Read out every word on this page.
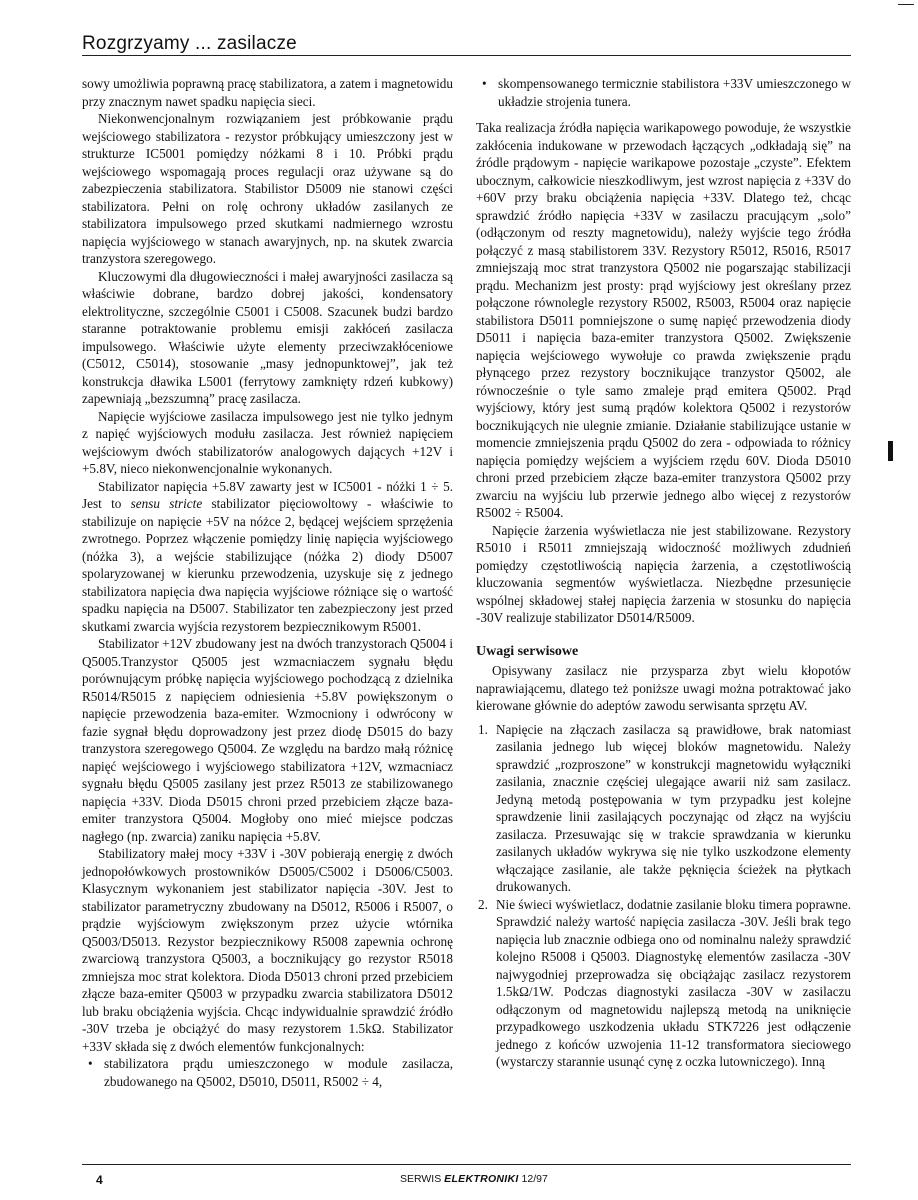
Rozgrzyamy ... zasilacze

sowy umożliwia poprawną pracę stabilizatora, a zatem i magnetowidu przy znacznym nawet spadku napięcia sieci.

Niekonwencjonalnym rozwiązaniem jest próbkowanie prądu wejściowego stabilizatora - rezystor próbkujący umieszczony jest w strukturze IC5001 pomiędzy nóżkami 8 i 10. Próbki prądu wejściowego wspomagają proces regulacji oraz używane są do zabezpieczenia stabilizatora. Stabilistor D5009 nie stanowi części stabilizatora. Pełni on rolę ochrony układów zasilanych ze stabilizatora impulsowego przed skutkami nadmiernego wzrostu napięcia wyjściowego w stanach awaryjnych, np. na skutek zwarcia tranzystora szeregowego.

Kluczowymi dla długowieczności i małej awaryjności zasilacza są właściwie dobrane, bardzo dobrej jakości, kondensatory elektrolityczne, szczególnie C5001 i C5008. Szacunek budzi bardzo staranne potraktowanie problemu emisji zakłóceń zasilacza impulsowego. Właściwie użyte elementy przeciwzakłóceniowe (C5012, C5014), stosowanie „masy jednopunktowej”, jak też konstrukcja dławika L5001 (ferrytowy zamknięty rdzeń kubkowy) zapewniają „bezszumną” pracę zasilacza.

Napięcie wyjściowe zasilacza impulsowego jest nie tylko jednym z napięć wyjściowych modułu zasilacza. Jest również napięciem wejściowym dwóch stabilizatorów analogowych dających +12V i +5.8V, nieco niekonwencjonalnie wykonanych.

Stabilizator napięcia +5.8V zawarty jest w IC5001 - nóżki 1 ÷ 5. Jest to sensu stricte stabilizator pięciowoltowy - właściwie to stabilizuje on napięcie +5V na nóżce 2, będącej wejściem sprzężenia zwrotnego. Poprzez włączenie pomiędzy linię napięcia wyjściowego (nóżka 3), a wejście stabilizujące (nóżka 2) diody D5007 spolaryzowanej w kierunku przewodzenia, uzyskuje się z jednego stabilizatora napięcia dwa napięcia wyjściowe różniące się o wartość spadku napięcia na D5007. Stabilizator ten zabezpieczony jest przed skutkami zwarcia wyjścia rezystorem bezpiecznikowym R5001.

Stabilizator +12V zbudowany jest na dwóch tranzystorach Q5004 i Q5005.Tranzystor Q5005 jest wzmacniaczem sygnału błędu porównującym próbkę napięcia wyjściowego pochodzącą z dzielnika R5014/R5015 z napięciem odniesienia +5.8V powiększonym o napięcie przewodzenia baza-emiter. Wzmocniony i odwrócony w fazie sygnał błędu doprowadzony jest przez diodę D5015 do bazy tranzystora szeregowego Q5004. Ze względu na bardzo małą różnicę napięć wejściowego i wyjściowego stabilizatora +12V, wzmacniacz sygnału błędu Q5005 zasilany jest przez R5013 ze stabilizowanego napięcia +33V. Dioda D5015 chroni przed przebiciem złącze baza-emiter tranzystora Q5004. Mogłoby ono mieć miejsce podczas nagłego (np. zwarcia) zaniku napięcia +5.8V.

Stabilizatory małej mocy +33V i -30V pobierają energię z dwóch jednopołówkowych prostowników D5005/C5002 i D5006/C5003. Klasycznym wykonaniem jest stabilizator napięcia -30V. Jest to stabilizator parametryczny zbudowany na D5012, R5006 i R5007, o prądzie wyjściowym zwiększonym przez użycie wtórnika Q5003/D5013. Rezystor bezpiecznikowy R5008 zapewnia ochronę zwarciową tranzystora Q5003, a bocznikujący go rezystor R5018 zmniejsza moc strat kolektora. Dioda D5013 chroni przed przebiciem złącze baza-emiter Q5003 w przypadku zwarcia stabilizatora D5012 lub braku obciążenia wyjścia. Chcąc indywidualnie sprawdzić źródło -30V trzeba je obciążyć do masy rezystorem 1.5kΩ. Stabilizator +33V składa się z dwóch elementów funkcjonalnych:

• stabilizatora prądu umieszczonego w module zasilacza, zbudowanego na Q5002, D5010, D5011, R5002 ÷ 4,
• skompensowanego termicznie stabilistora +33V umieszczonego w układzie strojenia tunera.

Taka realizacja źródła napięcia warikapowego powoduje, że wszystkie zakłócenia indukowane w przewodach łączących „odkładają się” na źródle prądowym - napięcie warikapowe pozostaje „czyste”. Efektem ubocznym, całkowicie nieszkodliwym, jest wzrost napięcia z +33V do +60V przy braku obciążenia napięcia +33V. Dlatego też, chcąc sprawdzić źródło napięcia +33V w zasilaczu pracującym „solo” (odłączonym od reszty magnetowidu), należy wyjście tego źródła połączyć z masą stabilistorem 33V. Rezystory R5012, R5016, R5017 zmniejszają moc strat tranzystora Q5002 nie pogarszając stabilizacji prądu. Mechanizm jest prosty: prąd wyjściowy jest określany przez połączone równolegle rezystory R5002, R5003, R5004 oraz napięcie stabilistora D5011 pomniejszone o sumę napięć przewodzenia diody D5011 i napięcia baza-emiter tranzystora Q5002. Zwiększenie napięcia wejściowego wywołuje co prawda zwiększenie prądu płynącego przez rezystory bocznikujące tranzystor Q5002, ale równocześnie o tyle samo zmaleje prąd emitera Q5002. Prąd wyjściowy, który jest sumą prądów kolektora Q5002 i rezystorów bocznikujących nie ulegnie zmianie. Działanie stabilizujące ustanie w momencie zmniejszenia prądu Q5002 do zera - odpowiada to różnicy napięcia pomiędzy wejściem a wyjściem rzędu 60V. Dioda D5010 chroni przed przebiciem złącze baza-emiter tranzystora Q5002 przy zwarciu na wyjściu lub przerwie jednego albo więcej z rezystorów R5002 ÷ R5004.

Napięcie żarzenia wyświetlacza nie jest stabilizowane. Rezystory R5010 i R5011 zmniejszają widoczność możliwych zdudnień pomiędzy częstotliwością napięcia żarzenia, a częstotliwością kluczowania segmentów wyświetlacza. Niezbędne przesunięcie wspólnej składowej stałej napięcia żarzenia w stosunku do napięcia -30V realizuje stabilizator D5014/R5009.

Uwagi serwisowe

Opisywany zasilacz nie przysparza zbyt wielu kłopotów naprawiającemu, dlatego też poniższe uwagi można potraktować jako kierowane głównie do adeptów zawodu serwisanta sprzętu AV.

1. Napięcie na złączach zasilacza są prawidłowe, brak natomiast zasilania jednego lub więcej bloków magnetowidu. Należy sprawdzić „rozproszone” w konstrukcji magnetowidu wyłączniki zasilania, znacznie częściej ulegające awarii niż sam zasilacz. Jedyną metodą postępowania w tym przypadku jest kolejne sprawdzenie linii zasilających poczynając od złącz na wyjściu zasilacza. Przesuwając się w trakcie sprawdzania w kierunku zasilanych układów wykrywa się nie tylko uszkodzone elementy włączające zasilanie, ale także pęknięcia ścieżek na płytkach drukowanych.
2. Nie świeci wyświetlacz, dodatnie zasilanie bloku timera poprawne. Sprawdzić należy wartość napięcia zasilacza -30V. Jeśli brak tego napięcia lub znacznie odbiega ono od nominalnu należy sprawdzić kolejno R5008 i Q5003. Diagnostykę elementów zasilacza -30V najwygodniej przeprowadza się obciążając zasilacz rezystorem 1.5kΩ/1W. Podczas diagnostyki zasilacza -30V w zasilaczu odłączonym od magnetowidu najlepszą metodą na uniknięcie przypadkowego uszkodzenia układu STK7226 jest odłączenie jednego z końców uzwojenia 11-12 transformatora sieciowego (wystarczy starannie usunąć cynę z oczka lutowniczego). Inną
4	SERWIS ELEKTRONIKI 12/97
